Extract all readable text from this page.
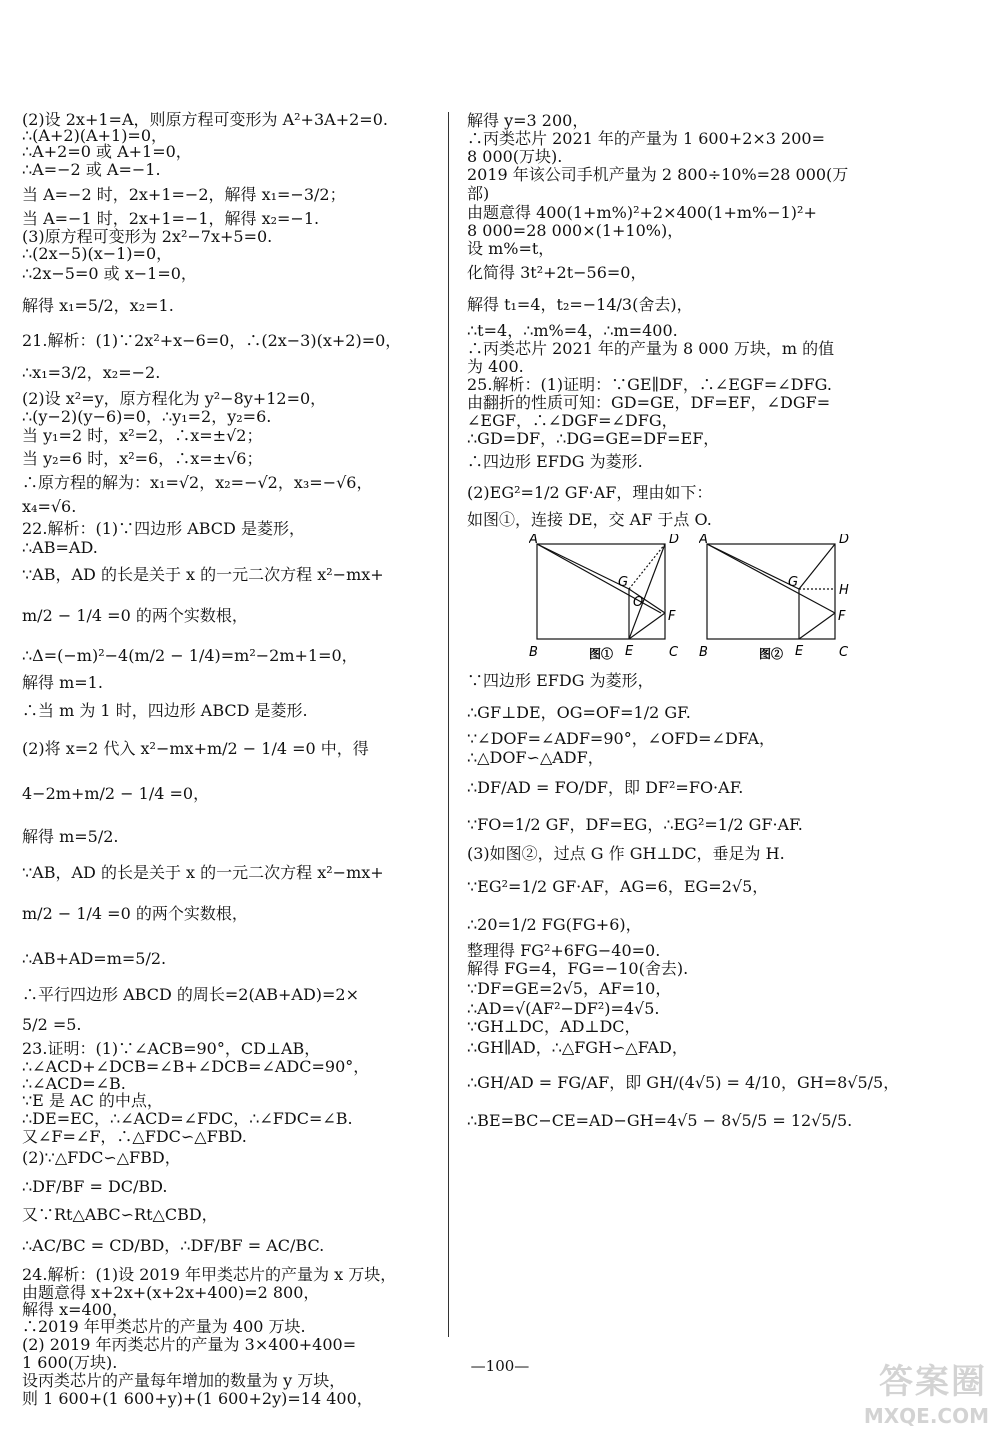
(2)设 2x+1=A，则原方程可变形为 A²+3A+2=0.
∴(A+2)(A+1)=0，
∴A+2=0 或 A+1=0，
∴A=−2 或 A=−1.
当 A=−2 时，2x+1=−2，解得 x₁=−3/2；
当 A=−1 时，2x+1=−1，解得 x₂=−1.
(3)原方程可变形为 2x²−7x+5=0.
∴(2x−5)(x−1)=0，
∴2x−5=0 或 x−1=0，
解得 x₁=5/2，x₂=1.
21.解析：(1)∵2x²+x−6=0，∴(2x−3)(x+2)=0，
∴x₁=3/2，x₂=−2.
(2)设 x²=y，原方程化为 y²−8y+12=0，
∴(y−2)(y−6)=0，∴y₁=2，y₂=6.
当 y₁=2 时，x²=2，∴x=±√2；
当 y₂=6 时，x²=6，∴x=±√6；
∴原方程的解为：x₁=√2，x₂=−√2，x₃=−√6，
x₄=√6.
22.解析：(1)∵四边形 ABCD 是菱形，
∴AB=AD.
∵AB，AD 的长是关于 x 的一元二次方程 x²−mx+
m/2 − 1/4 =0 的两个实数根，
∴Δ=(−m)²−4(m/2 − 1/4)=m²−2m+1=0，
解得 m=1.
∴当 m 为 1 时，四边形 ABCD 是菱形.
(2)将 x=2 代入 x²−mx+m/2 − 1/4 =0 中，得
4−2m+m/2 − 1/4 =0，
解得 m=5/2.
∵AB，AD 的长是关于 x 的一元二次方程 x²−mx+
m/2 − 1/4 =0 的两个实数根，
∴AB+AD=m=5/2.
∴平行四边形 ABCD 的周长=2(AB+AD)=2×
5/2 =5.
23.证明：(1)∵∠ACB=90°，CD⊥AB，
∴∠ACD+∠DCB=∠B+∠DCB=∠ADC=90°，
∴∠ACD=∠B.
∵E 是 AC 的中点，
∴DE=EC，∴∠ACD=∠FDC，∴∠FDC=∠B.
又∠F=∠F，∴△FDC∽△FBD.
(2)∵△FDC∽△FBD，
∴DF/BF = DC/BD.
又∵Rt△ABC∽Rt△CBD，
∴AC/BC = CD/BD，∴DF/BF = AC/BC.
24.解析：(1)设 2019 年甲类芯片的产量为 x 万块，
由题意得 x+2x+(x+2x+400)=2 800，
解得 x=400，
∴2019 年甲类芯片的产量为 400 万块.
(2) 2019 年丙类芯片的产量为 3×400+400=
1 600(万块).
设丙类芯片的产量每年增加的数量为 y 万块，
则 1 600+(1 600+y)+(1 600+2y)=14 400，
解得 y=3 200，
∴丙类芯片 2021 年的产量为 1 600+2×3 200=
8 000(万块).
2019 年该公司手机产量为 2 800÷10%=28 000(万
部)
由题意得 400(1+m%)²+2×400(1+m%−1)²+
8 000=28 000×(1+10%)，
设 m%=t，
化简得 3t²+2t−56=0，
解得 t₁=4，t₂=−14/3(舍去)，
∴t=4，∴m%=4，∴m=400.
∴丙类芯片 2021 年的产量为 8 000 万块，m 的值
为 400.
25.解析：(1)证明：∵GE∥DF，∴∠EGF=∠DFG.
由翻折的性质可知：GD=GE，DF=EF，∠DGF=
∠EGF，∴∠DGF=∠DFG，
∴GD=DF，∴DG=GE=DF=EF，
∴四边形 EFDG 为菱形.
(2)EG²=1/2 GF·AF，理由如下：
如图①，连接 DE，交 AF 于点 O.
A	D
B	E	C
G
O
F
图①
A	D
B	E	C
G
H
F
图②
∵四边形 EFDG 为菱形，
∴GF⊥DE，OG=OF=1/2 GF.
∵∠DOF=∠ADF=90°，∠OFD=∠DFA，
∴△DOF∽△ADF，
∴DF/AD = FO/DF，即 DF²=FO·AF.
∵FO=1/2 GF，DF=EG，∴EG²=1/2 GF·AF.
(3)如图②，过点 G 作 GH⊥DC，垂足为 H.
∵EG²=1/2 GF·AF，AG=6，EG=2√5，
∴20=1/2 FG(FG+6)，
整理得 FG²+6FG−40=0.
解得 FG=4，FG=−10(舍去).
∵DF=GE=2√5，AF=10，
∴AD=√(AF²−DF²)=4√5.
∵GH⊥DC，AD⊥DC，
∴GH∥AD，∴△FGH∽△FAD，
∴GH/AD = FG/AF，即 GH/(4√5) = 4/10，GH=8√5/5，
∴BE=BC−CE=AD−GH=4√5 − 8√5/5 = 12√5/5.
—100—	答案圈
MXQE.COM
